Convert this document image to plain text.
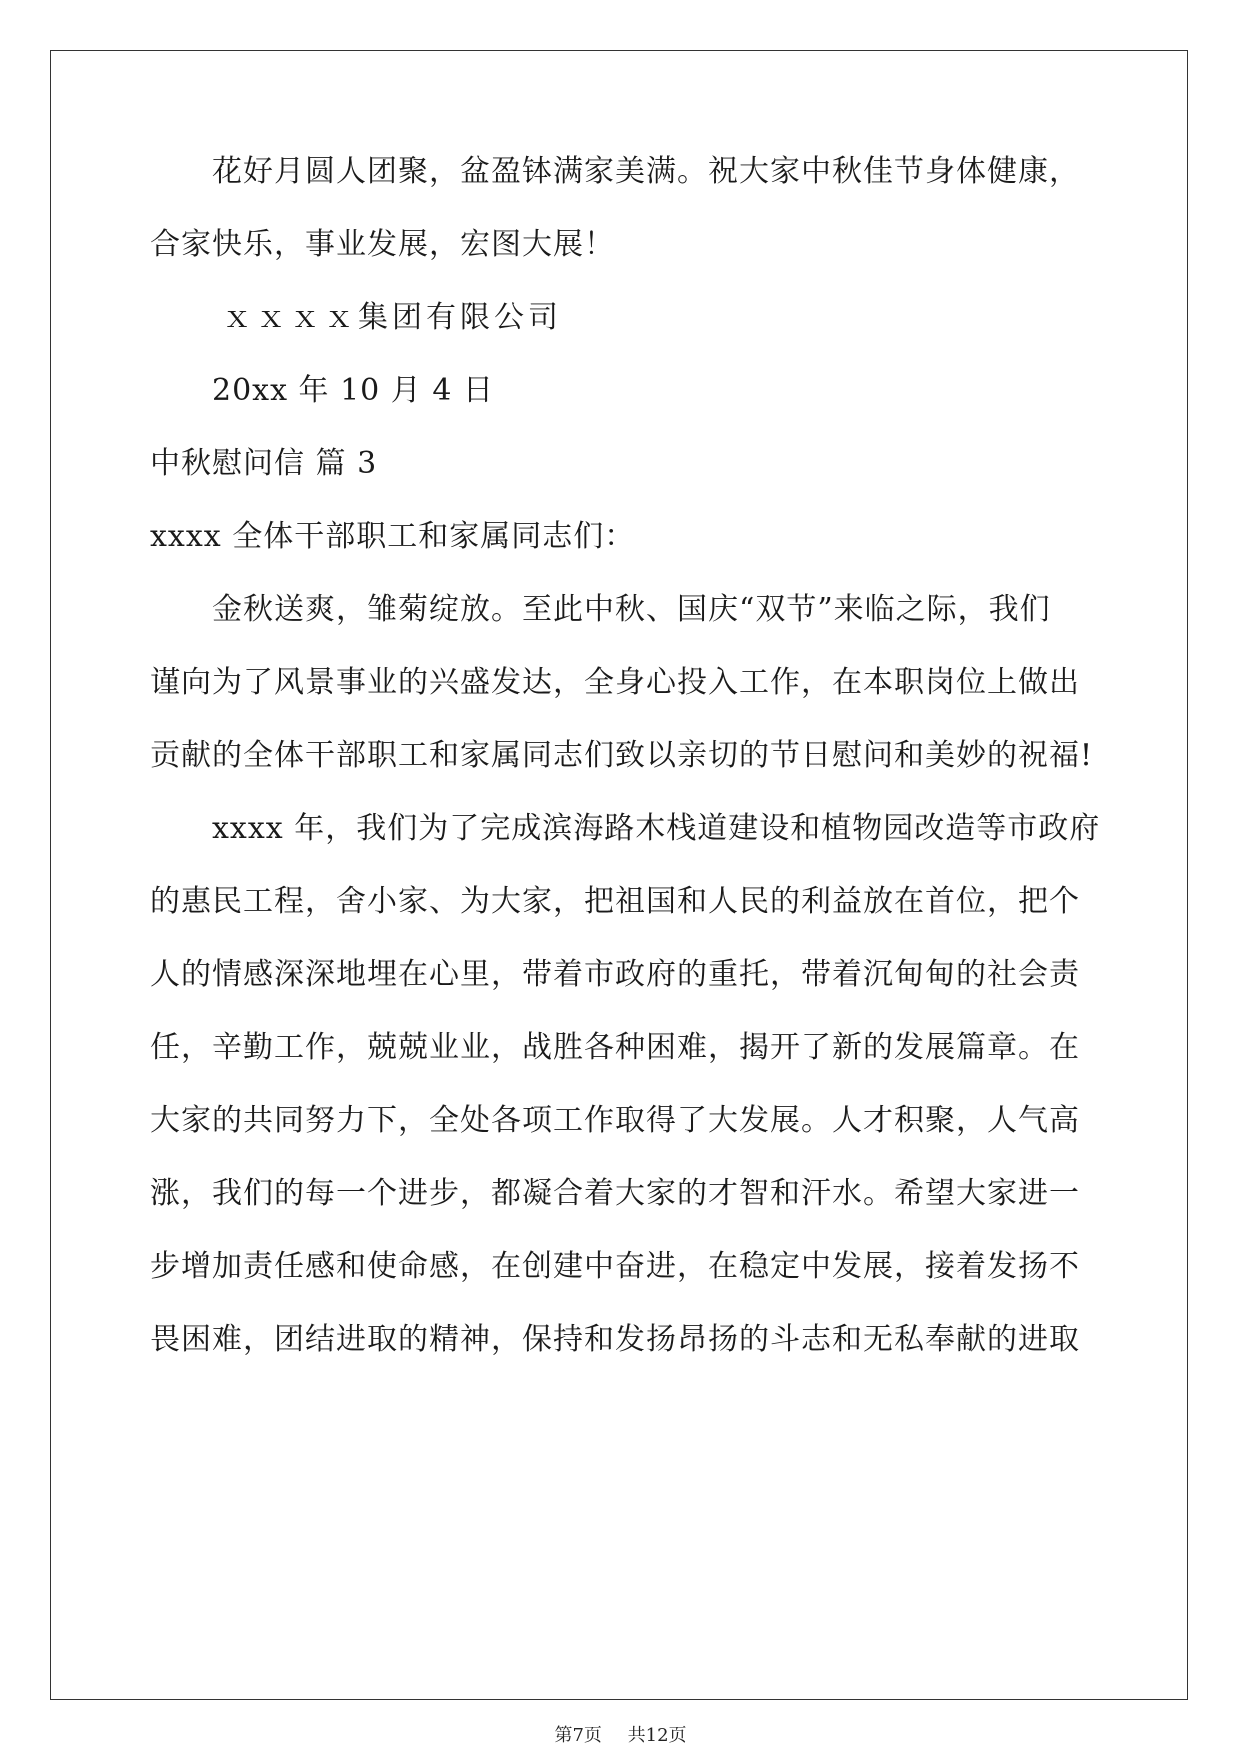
花好月圆人团聚，盆盈钵满家美满。祝大家中秋佳节身体健康，
合家快乐，事业发展，宏图大展！
ｘｘｘｘ集团有限公司
20xx 年 10 月 4 日
中秋慰问信 篇 3
xxxx 全体干部职工和家属同志们：
金秋送爽，雏菊绽放。至此中秋、国庆“双节”来临之际，我们
谨向为了风景事业的兴盛发达，全身心投入工作，在本职岗位上做出
贡献的全体干部职工和家属同志们致以亲切的节日慰问和美妙的祝福!
xxxx 年，我们为了完成滨海路木栈道建设和植物园改造等市政府
的惠民工程，舍小家、为大家，把祖国和人民的利益放在首位，把个
人的情感深深地埋在心里，带着市政府的重托，带着沉甸甸的社会责
任，辛勤工作，兢兢业业，战胜各种困难，揭开了新的发展篇章。在
大家的共同努力下，全处各项工作取得了大发展。人才积聚，人气高
涨，我们的每一个进步，都凝合着大家的才智和汗水。希望大家进一
步增加责任感和使命感，在创建中奋进，在稳定中发展，接着发扬不
畏困难，团结进取的精神，保持和发扬昂扬的斗志和无私奉献的进取
第7页 共12页
